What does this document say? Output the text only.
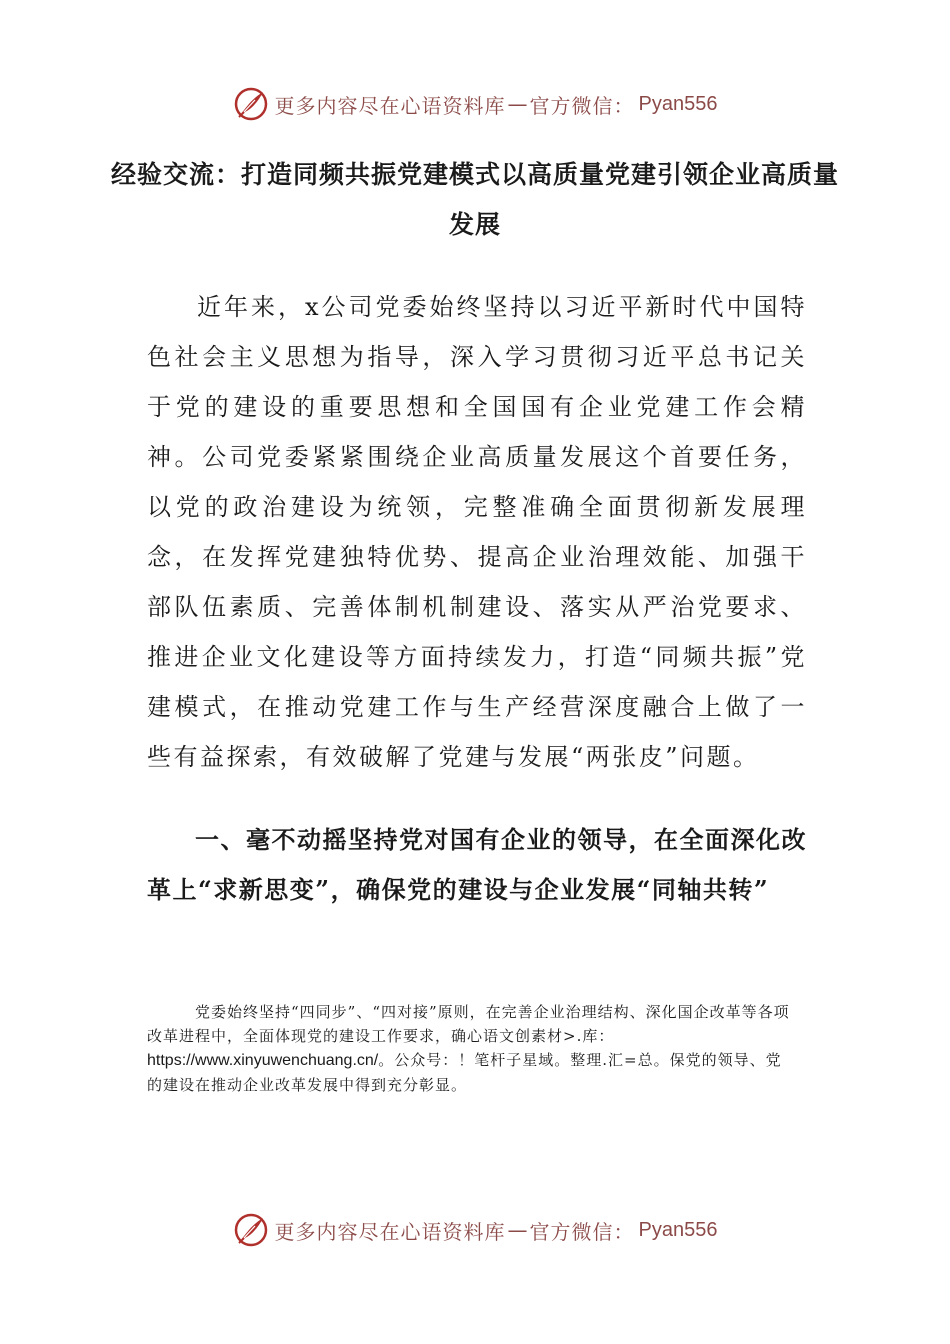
更多内容尽在心语资料库 — 官方微信： Pyan556
经验交流：打造同频共振党建模式以高质量党建引领企业高质量发展

近年来，x公司党委始终坚持以习近平新时代中国特色社会主义思想为指导，深入学习贯彻习近平总书记关于党的建设的重要思想和全国国有企业党建工作会精神。公司党委紧紧围绕企业高质量发展这个首要任务，以党的政治建设为统领，完整准确全面贯彻新发展理念，在发挥党建独特优势、提高企业治理效能、加强干部队伍素质、完善体制机制建设、落实从严治党要求、推进企业文化建设等方面持续发力，打造“同频共振”党建模式，在推动党建工作与生产经营深度融合上做了一些有益探索，有效破解了党建与发展“两张皮”问题。

一、毫不动摇坚持党对国有企业的领导，在全面深化改革上“求新思变”，确保党的建设与企业发展“同轴共转”

党委始终坚持“四同步”、“四对接”原则，在完善企业治理结构、深化国企改革等各项改革进程中，全面体现党的建设工作要求，确心语文创素材>.库：https://www.xinyuwenchuang.cn/。公众号：！笔杆子星域。整理.汇=总。保党的领导、党的建设在推动企业改革发展中得到充分彰显。

更多内容尽在心语资料库 — 官方微信： Pyan556
